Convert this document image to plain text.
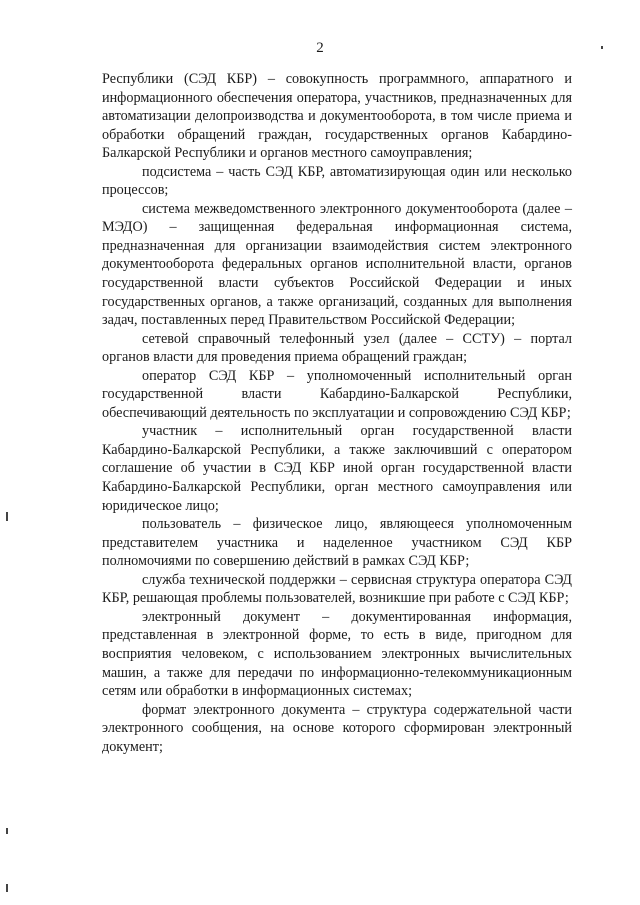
2

Республики (СЭД КБР) – совокупность программного, аппаратного и информационного обеспечения оператора, участников, предназначенных для автоматизации делопроизводства и документооборота, в том числе приема и обработки обращений граждан, государственных органов Кабардино-Балкарской Республики и органов местного самоуправления;

подсистема – часть СЭД КБР, автоматизирующая один или несколько процессов;

система межведомственного электронного документооборота (далее – МЭДО) – защищенная федеральная информационная система, предназначенная для организации взаимодействия систем электронного документооборота федеральных органов исполнительной власти, органов государственной власти субъектов Российской Федерации и иных государственных органов, а также организаций, созданных для выполнения задач, поставленных перед Правительством Российской Федерации;

сетевой справочный телефонный узел (далее – ССТУ) – портал органов власти для проведения приема обращений граждан;

оператор СЭД КБР – уполномоченный исполнительный орган государственной власти Кабардино-Балкарской Республики, обеспечивающий деятельность по эксплуатации и сопровождению СЭД КБР;

участник – исполнительный орган государственной власти Кабардино-Балкарской Республики, а также заключивший с оператором соглашение об участии в СЭД КБР иной орган государственной власти Кабардино-Балкарской Республики, орган местного самоуправления или юридическое лицо;

пользователь – физическое лицо, являющееся уполномоченным представителем участника и наделенное участником СЭД КБР полномочиями по совершению действий в рамках СЭД КБР;

служба технической поддержки – сервисная структура оператора СЭД КБР, решающая проблемы пользователей, возникшие при работе с СЭД КБР;

электронный документ – документированная информация, представленная в электронной форме, то есть в виде, пригодном для восприятия человеком, с использованием электронных вычислительных машин, а также для передачи по информационно-телекоммуникационным сетям или обработки в информационных системах;

формат электронного документа – структура содержательной части электронного сообщения, на основе которого сформирован электронный документ;
